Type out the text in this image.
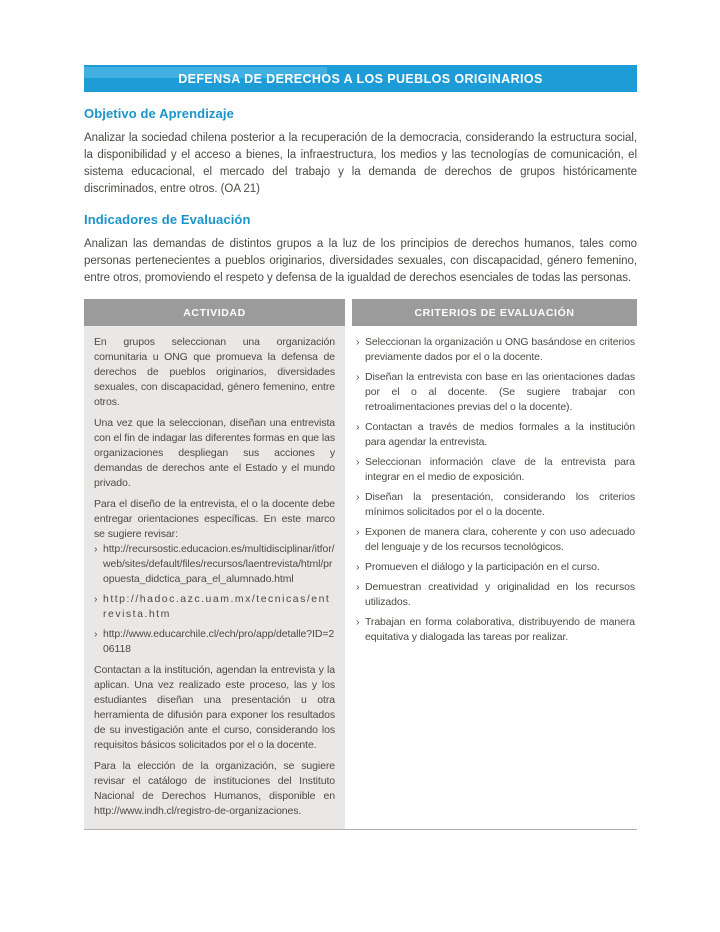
DEFENSA DE DERECHOS A LOS PUEBLOS ORIGINARIOS
Objetivo de Aprendizaje

Analizar la sociedad chilena posterior a la recuperación de la democracia, considerando la estructura social, la disponibilidad y el acceso a bienes, la infraestructura, los medios y las tecnologías de comunicación, el sistema educacional, el mercado del trabajo y la demanda de derechos de grupos históricamente discriminados, entre otros. (OA 21)

Indicadores de Evaluación

Analizan las demandas de distintos grupos a la luz de los principios de derechos humanos, tales como personas pertenecientes a pueblos originarios, diversidades sexuales, con discapacidad, género femenino, entre otros, promoviendo el respeto y defensa de la igualdad de derechos esenciales de todas las personas.

ACTIVIDAD	CRITERIOS DE EVALUACIÓN

En grupos seleccionan una organización comunitaria u ONG que promueva la defensa de derechos de pueblos originarios, diversidades sexuales, con discapacidad, género femenino, entre otros.

Una vez que la seleccionan, diseñan una entrevista con el fin de indagar las diferentes formas en que las organizaciones despliegan sus acciones y demandas de derechos ante el Estado y el mundo privado.

Para el diseño de la entrevista, el o la docente debe entregar orientaciones específicas. En este marco se sugiere revisar:

› http://recursostic.educacion.es/multidisciplinar/itfor/web/sites/default/files/recursos/laentrevista/html/propuesta_didctica_para_el_alumnado.html
› http://hadoc.azc.uam.mx/tecnicas/entrevista.htm
› http://www.educarchile.cl/ech/pro/app/detalle?ID=206118

Contactan a la institución, agendan la entrevista y la aplican. Una vez realizado este proceso, las y los estudiantes diseñan una presentación u otra herramienta de difusión para exponer los resultados de su investigación ante el curso, considerando los requisitos básicos solicitados por el o la docente.

Para la elección de la organización, se sugiere revisar el catálogo de instituciones del Instituto Nacional de Derechos Humanos, disponible en http://www.indh.cl/registro-de-organizaciones.

› Seleccionan la organización u ONG basándose en criterios previamente dados por el o la docente.
› Diseñan la entrevista con base en las orientaciones dadas por el o al docente. (Se sugiere trabajar con retroalimentaciones previas del o la docente).
› Contactan a través de medios formales a la institución para agendar la entrevista.
› Seleccionan información clave de la entrevista para integrar en el medio de exposición.
› Diseñan la presentación, considerando los criterios mínimos solicitados por el o la docente.
› Exponen de manera clara, coherente y con uso adecuado del lenguaje y de los recursos tecnológicos.
› Promueven el diálogo y la participación en el curso.
› Demuestran creatividad y originalidad en los recursos utilizados.
› Trabajan en forma colaborativa, distribuyendo de manera equitativa y dialogada las tareas por realizar.
